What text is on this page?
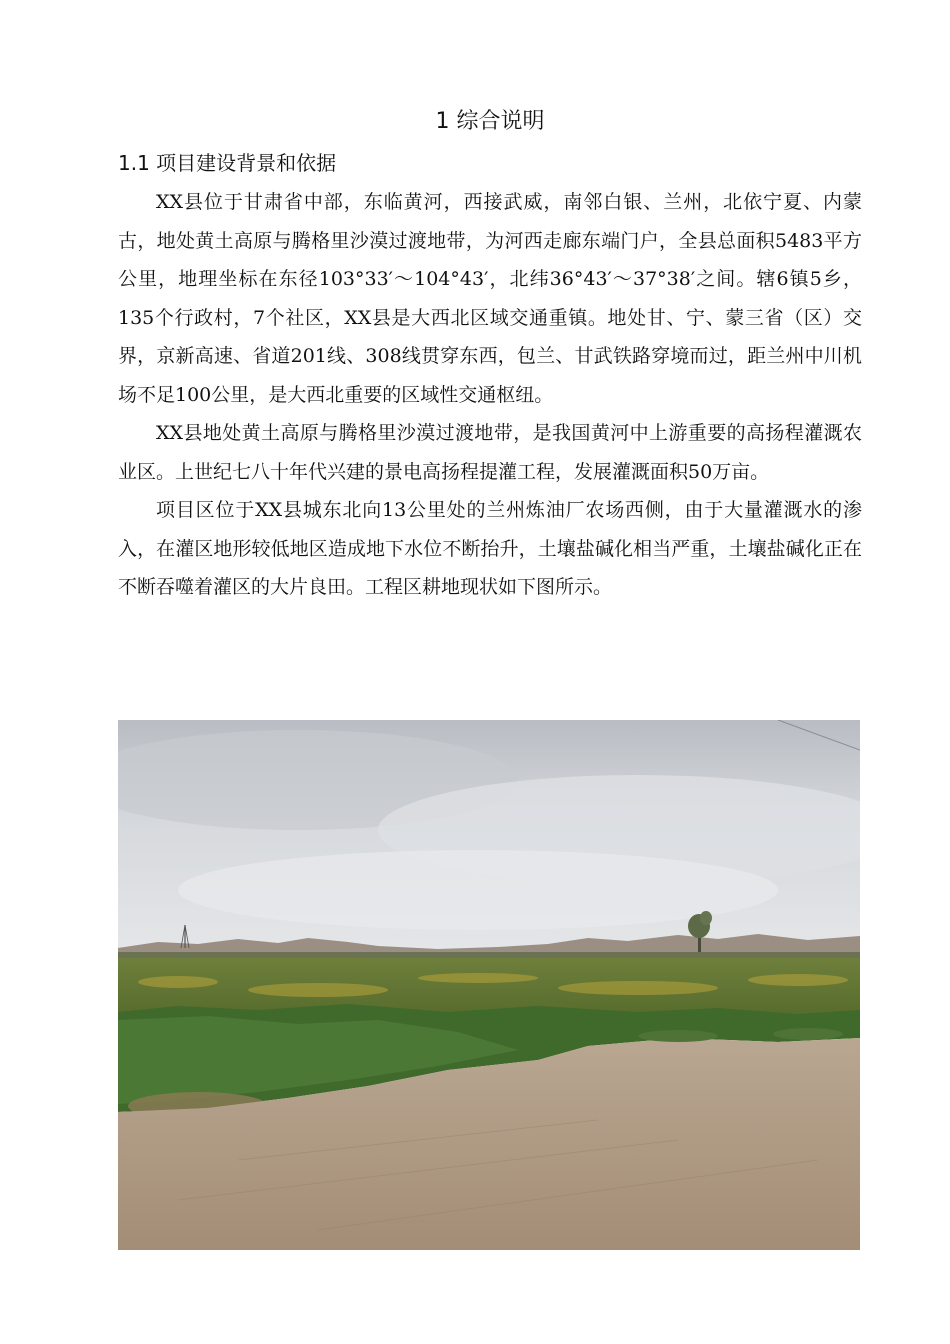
1 综合说明
1.1 项目建设背景和依据

XX县位于甘肃省中部，东临黄河，西接武威，南邻白银、兰州，北依宁夏、内蒙古，地处黄土高原与腾格里沙漠过渡地带，为河西走廊东端门户，全县总面积5483平方公里，地理坐标在东径103°33′～104°43′，北纬36°43′～37°38′之间。辖6镇5乡，135个行政村，7个社区，XX县是大西北区域交通重镇。地处甘、宁、蒙三省（区）交界，京新高速、省道201线、308线贯穿东西，包兰、甘武铁路穿境而过，距兰州中川机场不足100公里，是大西北重要的区域性交通枢纽。

XX县地处黄土高原与腾格里沙漠过渡地带，是我国黄河中上游重要的高扬程灌溉农业区。上世纪七八十年代兴建的景电高扬程提灌工程，发展灌溉面积50万亩。

项目区位于XX县城东北向13公里处的兰州炼油厂农场西侧，由于大量灌溉水的渗入，在灌区地形较低地区造成地下水位不断抬升，土壤盐碱化相当严重，土壤盐碱化正在不断吞噬着灌区的大片良田。工程区耕地现状如下图所示。
